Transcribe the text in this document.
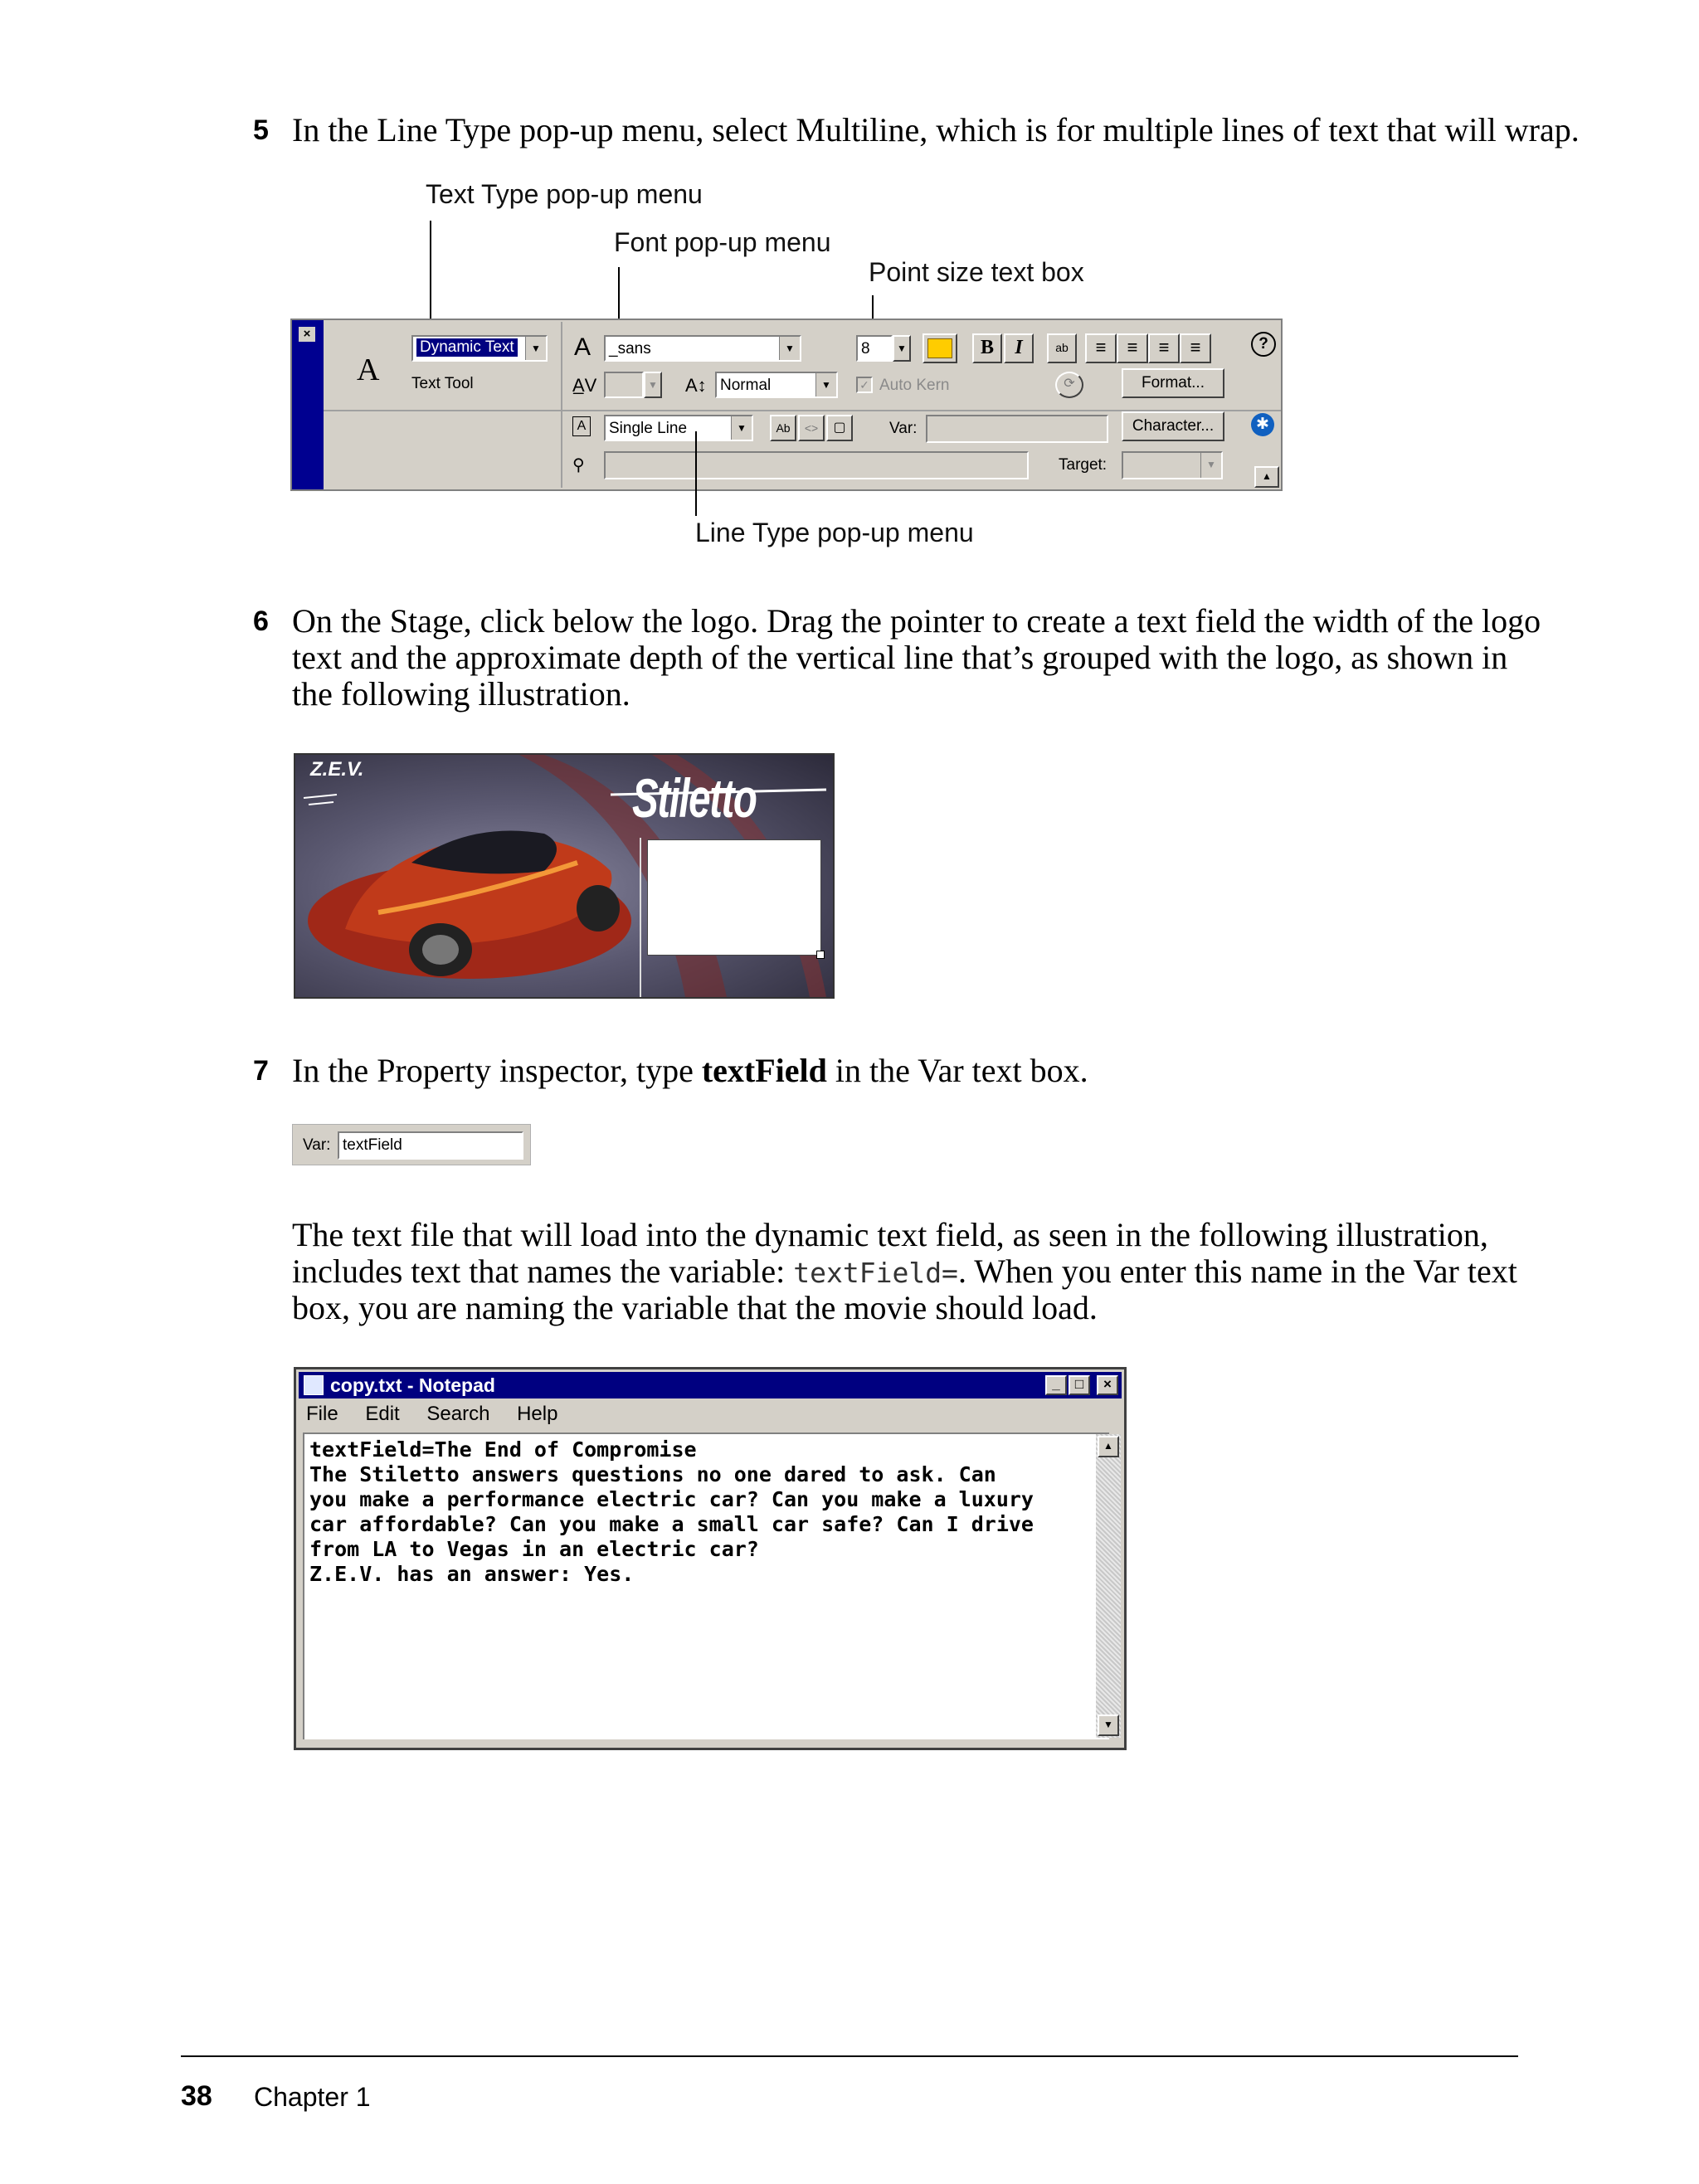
5 In the Line Type pop-up menu, select Multiline, which is for multiple lines of text that will wrap.
Text Type pop-up menu
Font pop-up menu
Point size text box
×
A
Dynamic Text	▼
Text Tool
A _sans	▼	8	▼	B	I	ab	≡	≡	≡	≡	?
A̲V	▼ A↕ Normal	▼	✓ Auto Kern	⟳	Format...
A Single Line	▼	Ab	<>	▢	Var:	Character...	✱
⚲	Target:	▼
▲
Line Type pop-up menu
6 On the Stage, click below the logo. Drag the pointer to create a text field the width of the logo
text and the approximate depth of the vertical line that’s grouped with the logo, as shown in
the following illustration.
Z.E.V.	Stiletto
7 In the Property inspector, type textField in the Var text box.
Var: textField
The text file that will load into the dynamic text field, as seen in the following illustration,
includes text that names the variable: textField=. When you enter this name in the Var text
box, you are naming the variable that the movie should load.
copy.txt - Notepad	_	□	×
File Edit Search Help
textField=The End of Compromise
The Stiletto answers questions no one dared to ask. Can
you make a performance electric car? Can you make a luxury
car affordable? Can you make a small car safe? Can I drive
from LA to Vegas in an electric car?
Z.E.V. has an answer: Yes.
▲
▼
38 Chapter 1
